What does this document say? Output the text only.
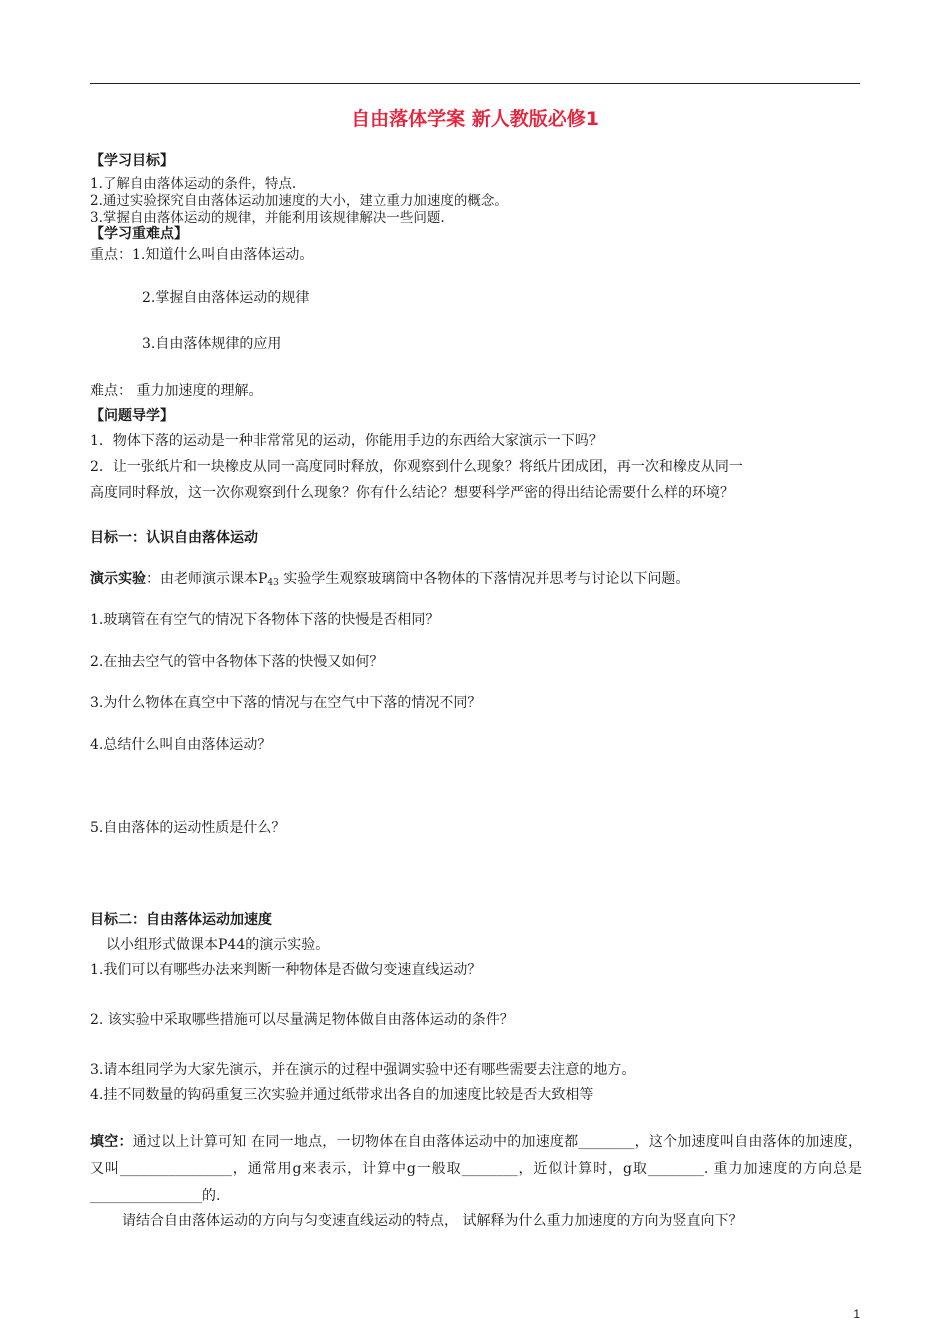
自由落体学案 新人教版必修1
【学习目标】
1.了解自由落体运动的条件，特点.
2.通过实验探究自由落体运动加速度的大小，建立重力加速度的概念。
3.掌握自由落体运动的规律，并能利用该规律解决一些问题.
【学习重难点】
重点：1.知道什么叫自由落体运动。
2.掌握自由落体运动的规律
3.自由落体规律的应用
难点： 重力加速度的理解。
【问题导学】
1．物体下落的运动是一种非常常见的运动，你能用手边的东西给大家演示一下吗？
2．让一张纸片和一块橡皮从同一高度同时释放，你观察到什么现象？将纸片团成团，再一次和橡皮从同一
高度同时释放，这一次你观察到什么现象？你有什么结论？想要科学严密的得出结论需要什么样的环境？
目标一：认识自由落体运动
演示实验：由老师演示课本$P_{43}$ 实验学生观察玻璃筒中各物体的下落情况并思考与讨论以下问题。
1.玻璃管在有空气的情况下各物体下落的快慢是否相同？
2.在抽去空气的管中各物体下落的快慢又如何？
3.为什么物体在真空中下落的情况与在空气中下落的情况不同？
4.总结什么叫自由落体运动？
5.自由落体的运动性质是什么？
目标二：自由落体运动加速度
以小组形式做课本P44的演示实验。
1.我们可以有哪些办法来判断一种物体是否做匀变速直线运动？
2. 该实验中采取哪些措施可以尽量满足物体做自由落体运动的条件？
3.请本组同学为大家先演示，并在演示的过程中强调实验中还有哪些需要去注意的地方。
4.挂不同数量的钩码重复三次实验并通过纸带求出各自的加速度比较是否大致相等
填空：通过以上计算可知 在同一地点，一切物体在自由落体运动中的加速度都________，这个加速度叫自由落体的加速度，又叫________________，通常用g来表示，计算中g一般取________，近似计算时，g取________. 重力加速度的方向总是________________的.
请结合自由落体运动的方向与匀变速直线运动的特点， 试解释为什么重力加速度的方向为竖直向下？
1
